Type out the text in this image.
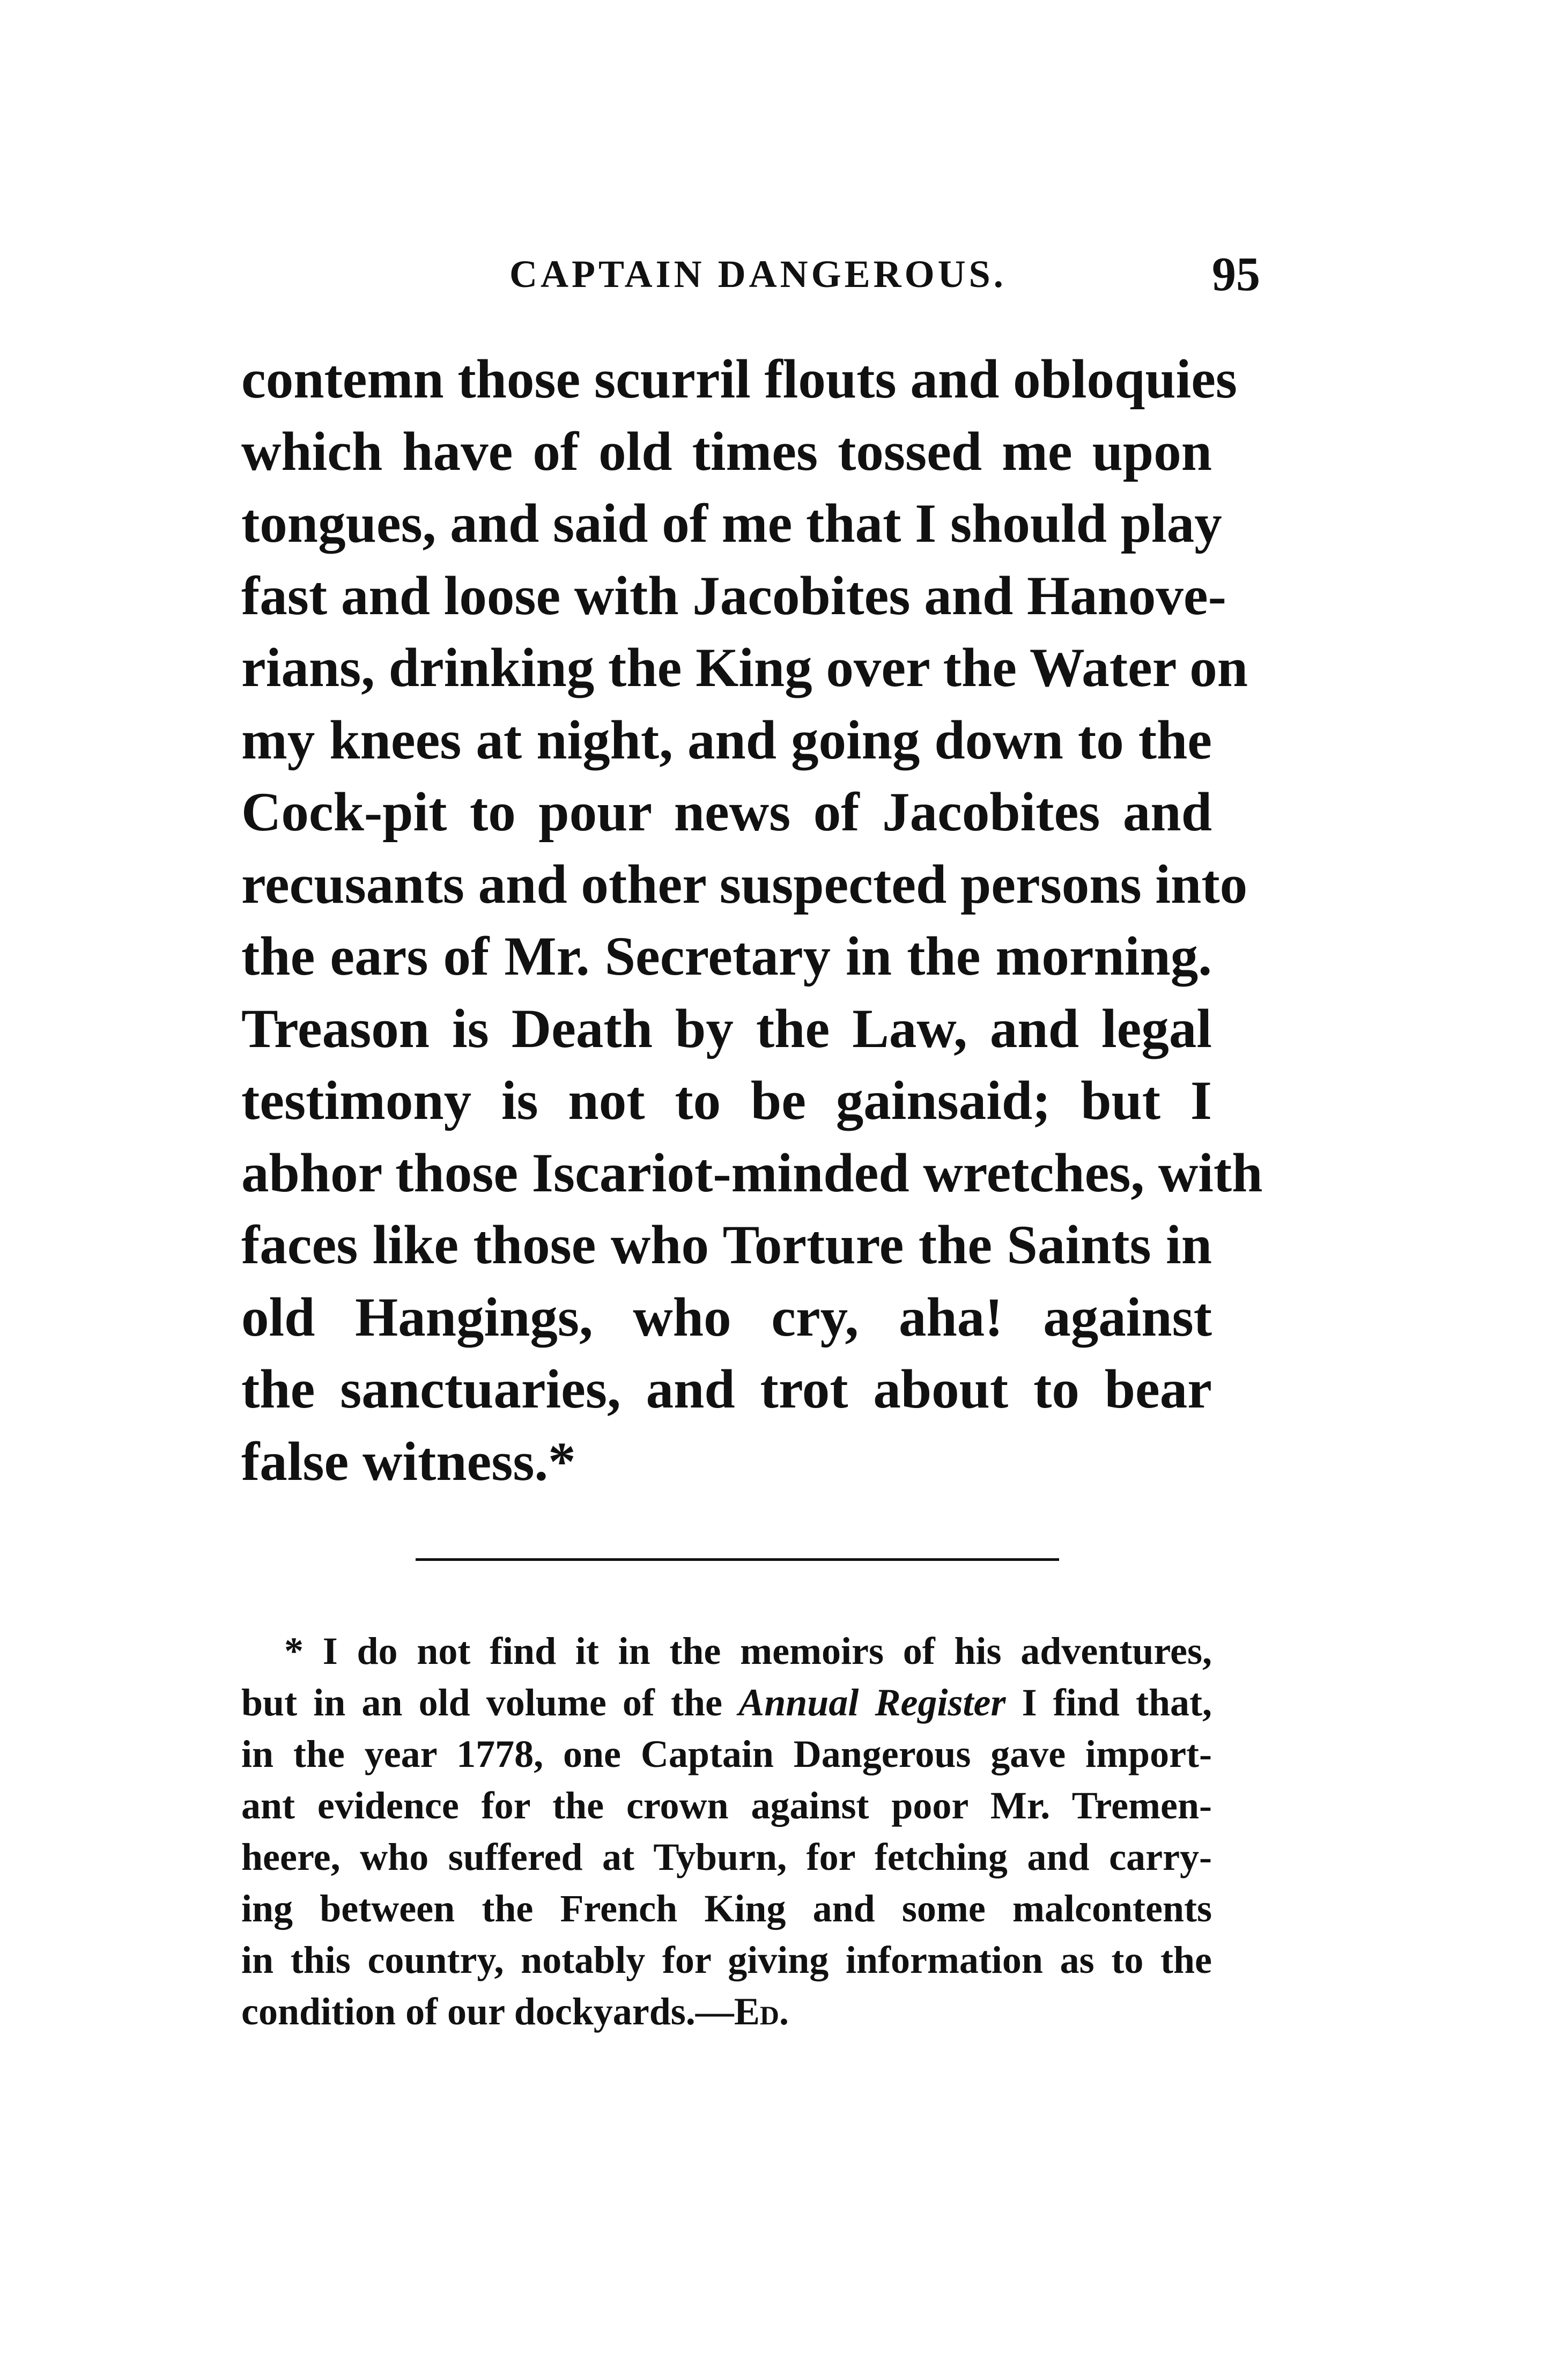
CAPTAIN DANGEROUS.	95
contemn those scurril flouts and obloquies
which have of old times tossed me upon
tongues, and said of me that I should play
fast and loose with Jacobites and Hanove-
rians, drinking the King over the Water on
my knees at night, and going down to the
Cock-pit to pour news of Jacobites and
recusants and other suspected persons into
the ears of Mr. Secretary in the morning.
Treason is Death by the Law, and legal
testimony is not to be gainsaid; but I
abhor those Iscariot-minded wretches, with
faces like those who Torture the Saints in
old Hangings, who cry, aha! against
the sanctuaries, and trot about to bear
false witness.*
* I do not find it in the memoirs of his adventures,
but in an old volume of the Annual Register I find that,
in the year 1778, one Captain Dangerous gave import-
ant evidence for the crown against poor Mr. Tremen-
heere, who suffered at Tyburn, for fetching and carry-
ing between the French King and some malcontents
in this country, notably for giving information as to the
condition of our dockyards.—Ed.
